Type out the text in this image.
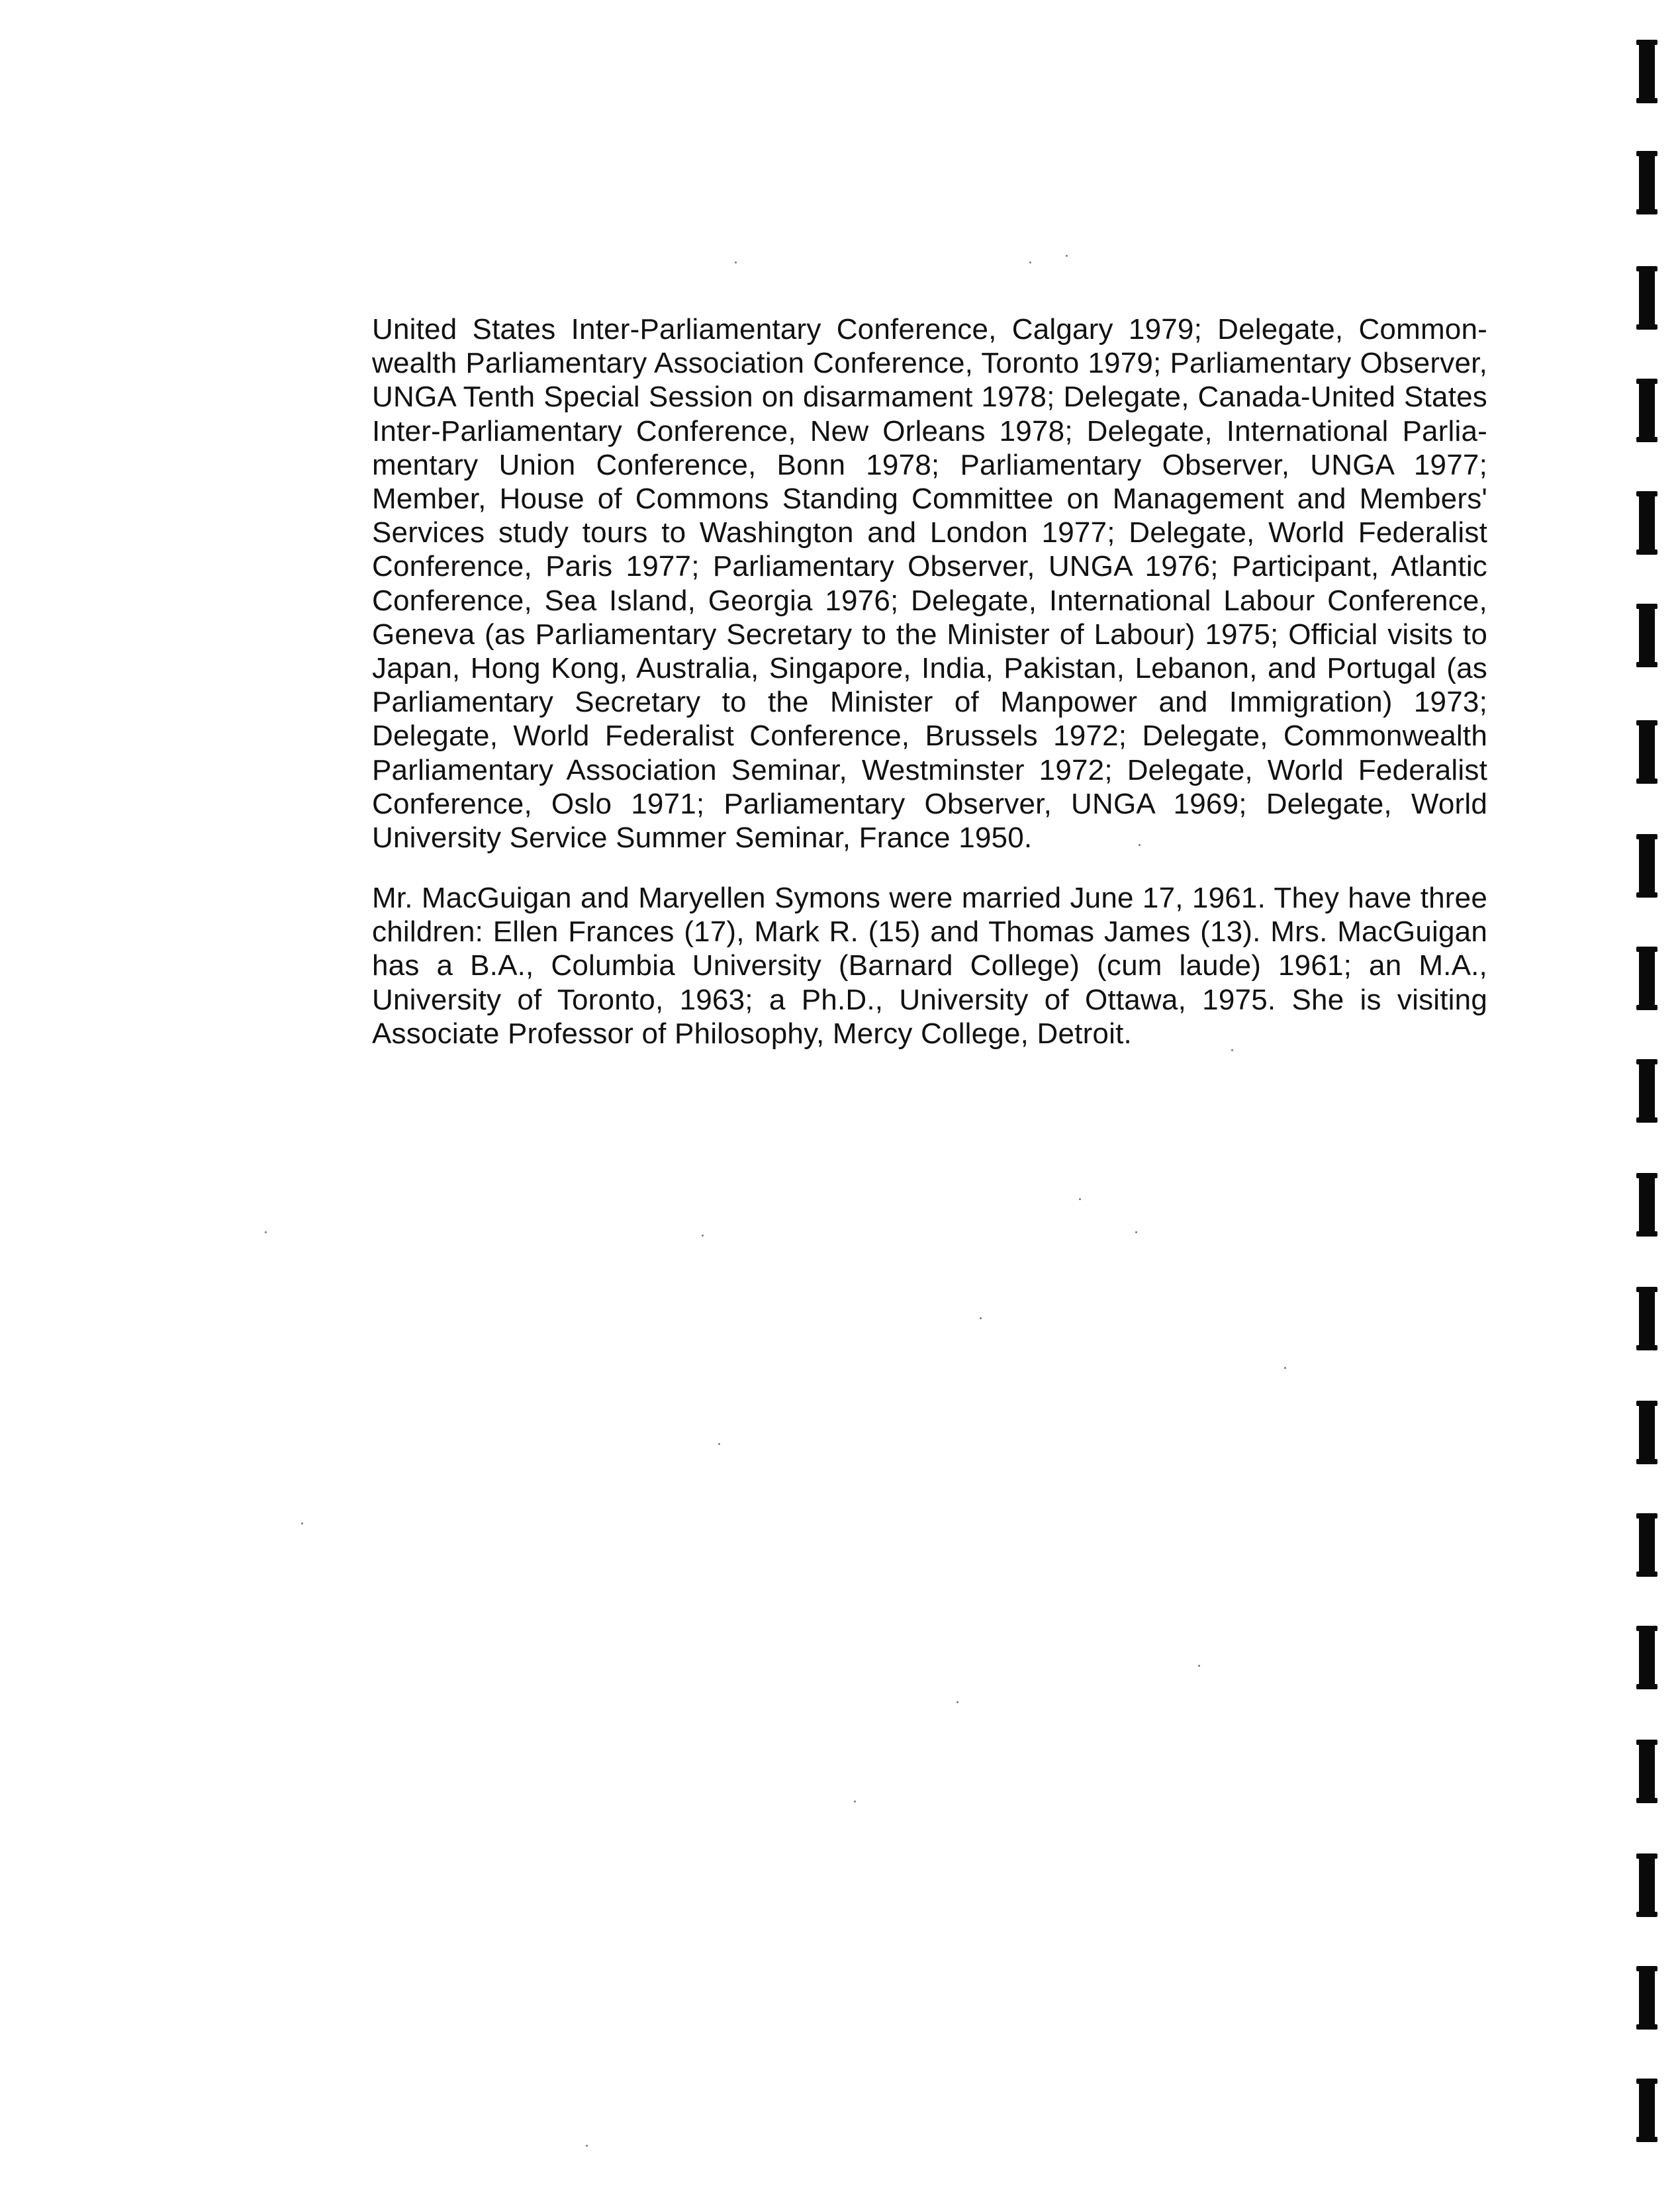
United States Inter-Parliamentary Conference, Calgary 1979; Delegate, Common-
wealth Parliamentary Association Conference, Toronto 1979; Parliamentary Observer,
UNGA Tenth Special Session on disarmament 1978; Delegate, Canada-United States
Inter-Parliamentary Conference, New Orleans 1978; Delegate, International Parlia-
mentary Union Conference, Bonn 1978; Parliamentary Observer, UNGA 1977;
Member, House of Commons Standing Committee on Management and Members'
Services study tours to Washington and London 1977; Delegate, World Federalist
Conference, Paris 1977; Parliamentary Observer, UNGA 1976; Participant, Atlantic
Conference, Sea Island, Georgia 1976; Delegate, International Labour Conference,
Geneva (as Parliamentary Secretary to the Minister of Labour) 1975; Official visits to
Japan, Hong Kong, Australia, Singapore, India, Pakistan, Lebanon, and Portugal (as
Parliamentary Secretary to the Minister of Manpower and Immigration) 1973;
Delegate, World Federalist Conference, Brussels 1972; Delegate, Commonwealth
Parliamentary Association Seminar, Westminster 1972; Delegate, World Federalist
Conference, Oslo 1971; Parliamentary Observer, UNGA 1969; Delegate, World
University Service Summer Seminar, France 1950.
Mr. MacGuigan and Maryellen Symons were married June 17, 1961. They have three
children: Ellen Frances (17), Mark R. (15) and Thomas James (13). Mrs. MacGuigan
has a B.A., Columbia University (Barnard College) (cum laude) 1961; an M.A.,
University of Toronto, 1963; a Ph.D., University of Ottawa, 1975. She is visiting
Associate Professor of Philosophy, Mercy College, Detroit.
